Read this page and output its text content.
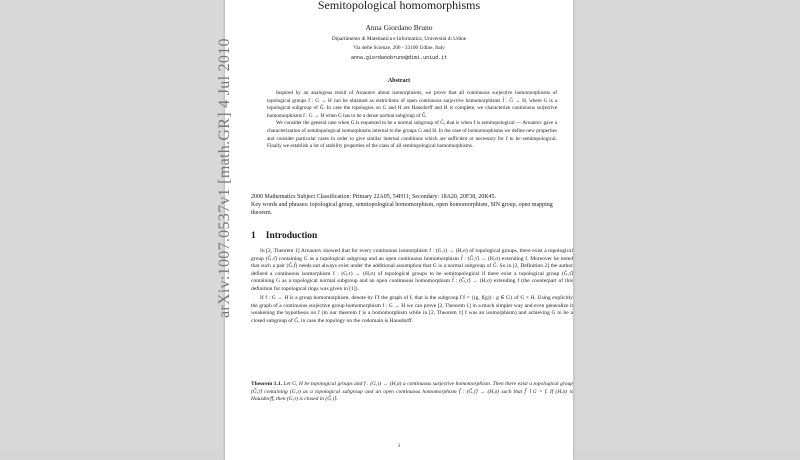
Semitopological homomorphisms
Anna Giordano Bruno
Dipartimento di Matematica e Informatica, Università di Udine
Via delle Scienze, 206 - 33100 Udine, Italy
anna.giordanobruno@dimi.uniud.it
Abstract

Inspired by an analogous result of Arnautov about isomorphisms, we prove that all continuous surjective homomorphisms of topological groups f : G → H can be obtained as restrictions of open continuous surjective homomorphisms f̃ : G̃ → H, where G is a topological subgroup of G̃. In case the topologies on G and H are Hausdorff and H is complete, we characterize continuous surjective homomorphisms f : G → H when G has to be a dense normal subgroup of G̃.

We consider the general case when G is requested to be a normal subgroup of G̃, that is when f is semitopological — Arnautov gave a characterization of semitopological isomorphisms internal to the groups G and H. In the case of homomorphisms we define new properties and consider particular cases in order to give similar internal conditions which are sufficient or necessary for f to be semitopological. Finally we establish a lot of stability properties of the class of all semitopological homomorphisms.

2000 Mathematics Subject Classification: Primary 22A05, 54H11; Secondary: 18A20, 20F38, 20K45.

Key words and phrases: topological group, semitopological homomorphism, open homomorphism, SIN group, open mapping theorem.

1 Introduction

In [2, Theorem 1] Arnautov showed that for every continuous isomorphism f : (G,τ) → (H,σ) of topological groups, there exist a topological group (G̃,τ̃) containing G as a topological subgroup and an open continuous homomorphism f̃ : (G̃,τ̃) → (H,σ) extending f. Moreover he noted that such a pair (G̃,f̃) needs not always exist under the additional assumption that G is a normal subgroup of G̃. So in [2, Definition 2] the author defined a continuous isomorphism f : (G,τ) → (H,σ) of topological groups to be semitopological if there exist a topological group (G̃,τ̃) containing G as a topological normal subgroup and an open continuous homomorphism f̃ : (G̃,τ̃) → (H,σ) extending f (the counterpart of this definition for topological rings was given in [1]).

If f : G → H is a group homomorphism, denote by Γf the graph of f, that is the subgroup Γf = {(g, f(g)) : g ∈ G} of G × H. Using explicitly the graph of a continuous surjective group homomorphism f : G → H we can prove [2, Theorem 1] in a much simpler way and even generalize it weakening the hypothesis on f (in our theorem f is a homomorphism while in [2, Theorem 1] f was an isomorphism) and achieving G to be a closed subgroup of G̃, in case the topology on the codomain is Hausdorff.

Theorem 1.1. Let G, H be topological groups and f : (G,τ) → (H,σ) a continuous surjective homomorphism. Then there exist a topological group (G̃,τ̃) containing (G,τ) as a topological subgroup and an open continuous homomorphism f̃ : (G̃,τ̃) → (H,σ) such that f̃ ↾G = f. If (H,σ) is Hausdorff, then (G,τ) is closed in (G̃,τ̃).
1
arXiv:1007.0537v1 [math.GR] 4 Jul 2010
